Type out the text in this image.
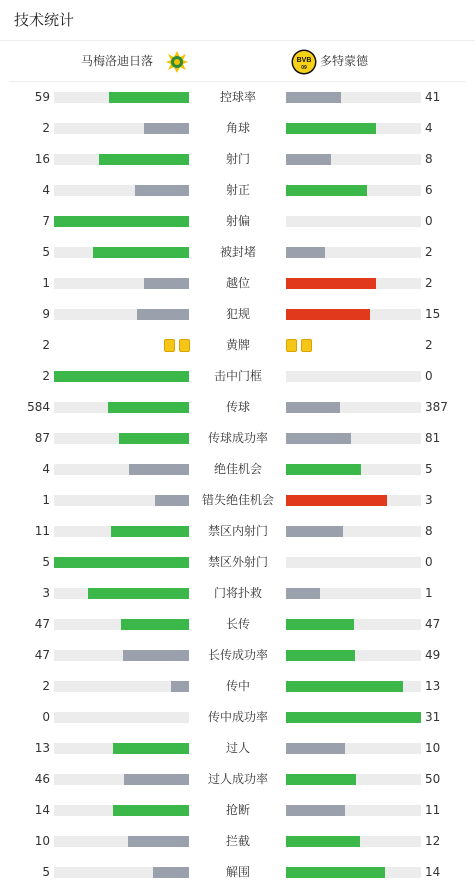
技术统计
马梅洛迪日落	BVB
09 多特蒙德
59	控球率	41
2	角球	4
16	射门	8
4	射正	6
7	射偏	0
5	被封堵	2
1	越位	2
9	犯规	15
2	黄牌	2
2	击中门框	0
584	传球	387
87	传球成功率	81
4	绝佳机会	5
1	错失绝佳机会	3
11	禁区内射门	8
5	禁区外射门	0
3	门将扑救	1
47	长传	47
47	长传成功率	49
2	传中	13
0	传中成功率	31
13	过人	10
46	过人成功率	50
14	抢断	11
10	拦截	12
5	解围	14
